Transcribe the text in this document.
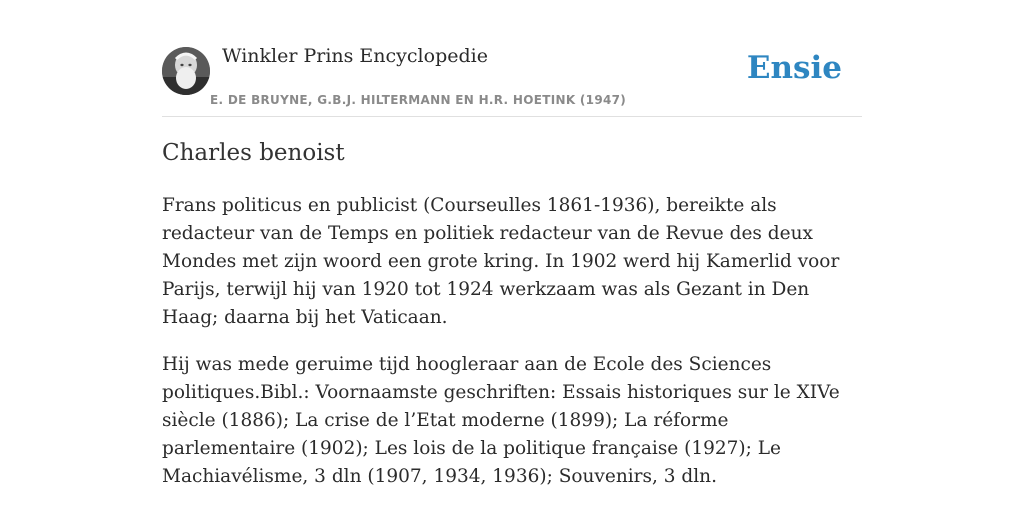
Winkler Prins Encyclopedie
E. DE BRUYNE, G.B.J. HILTERMANN EN H.R. HOETINK (1947)
Ensie
Charles benoist

Frans politicus en publicist (Courseulles 1861-1936), bereikte als redacteur van de Temps en politiek redacteur van de Revue des deux Mondes met zijn woord een grote kring. In 1902 werd hij Kamerlid voor Parijs, terwijl hij van 1920 tot 1924 werkzaam was als Gezant in Den Haag; daarna bij het Vaticaan.

Hij was mede geruime tijd hoogleraar aan de Ecole des Sciences politiques.Bibl.: Voornaamste geschriften: Essais historiques sur le XIVe siècle (1886); La crise de l’Etat moderne (1899); La réforme parlementaire (1902); Les lois de la politique française (1927); Le Machiavélisme, 3 dln (1907, 1934, 1936); Souvenirs, 3 dln.
